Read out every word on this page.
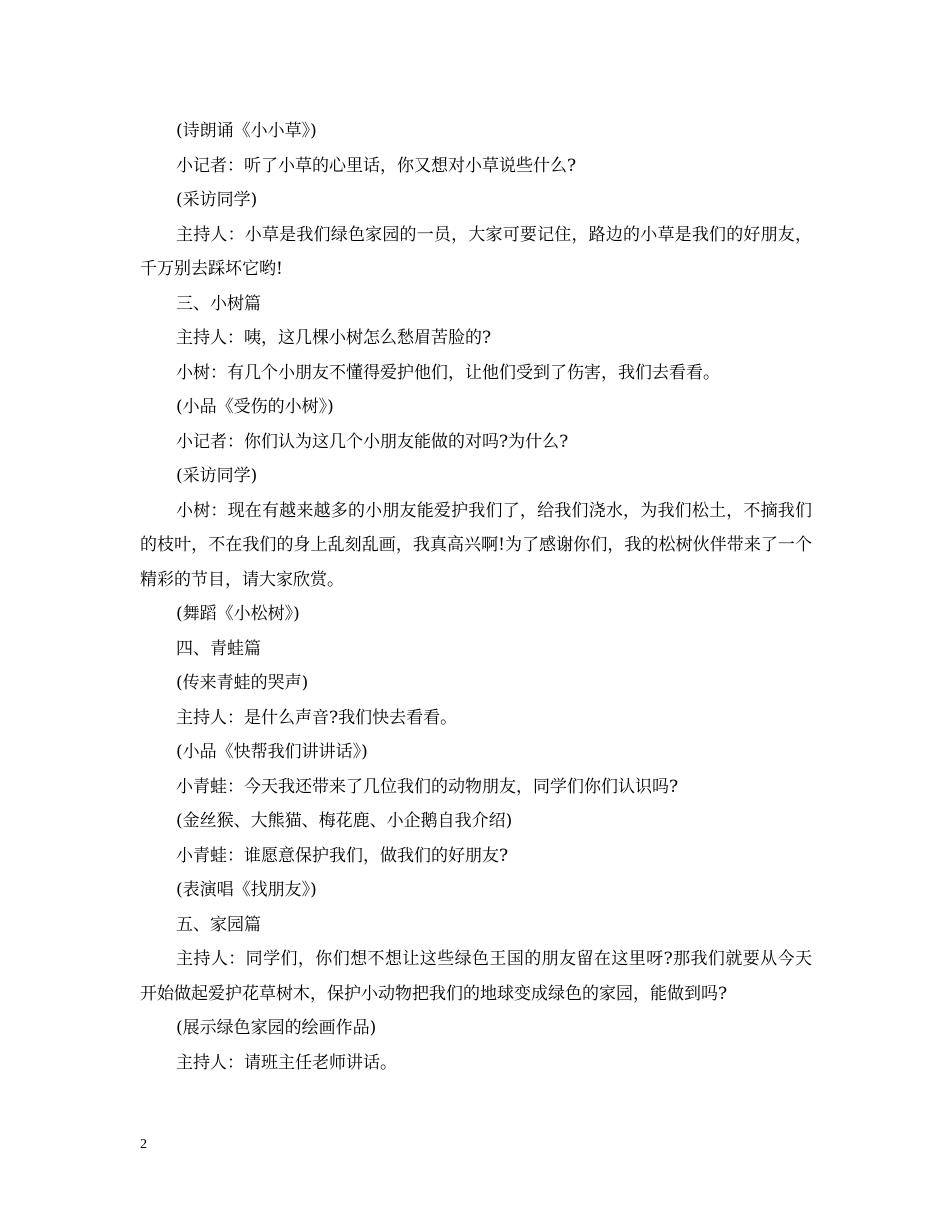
(诗朗诵《小小草》)

小记者：听了小草的心里话，你又想对小草说些什么?

(采访同学)

主持人：小草是我们绿色家园的一员，大家可要记住，路边的小草是我们的好朋友，千万别去踩坏它哟!

三、小树篇

主持人：咦，这几棵小树怎么愁眉苦脸的?

小树：有几个小朋友不懂得爱护他们，让他们受到了伤害，我们去看看。

(小品《受伤的小树》)

小记者：你们认为这几个小朋友能做的对吗?为什么?

(采访同学)

小树：现在有越来越多的小朋友能爱护我们了，给我们浇水，为我们松土，不摘我们的枝叶，不在我们的身上乱刻乱画，我真高兴啊!为了感谢你们，我的松树伙伴带来了一个精彩的节目，请大家欣赏。

(舞蹈《小松树》)

四、青蛙篇

(传来青蛙的哭声)

主持人：是什么声音?我们快去看看。

(小品《快帮我们讲讲话》)

小青蛙：今天我还带来了几位我们的动物朋友，同学们你们认识吗?

(金丝猴、大熊猫、梅花鹿、小企鹅自我介绍)

小青蛙：谁愿意保护我们，做我们的好朋友?

(表演唱《找朋友》)

五、家园篇

主持人：同学们，你们想不想让这些绿色王国的朋友留在这里呀?那我们就要从今天开始做起爱护花草树木，保护小动物把我们的地球变成绿色的家园，能做到吗?

(展示绿色家园的绘画作品)

主持人：请班主任老师讲话。

2
